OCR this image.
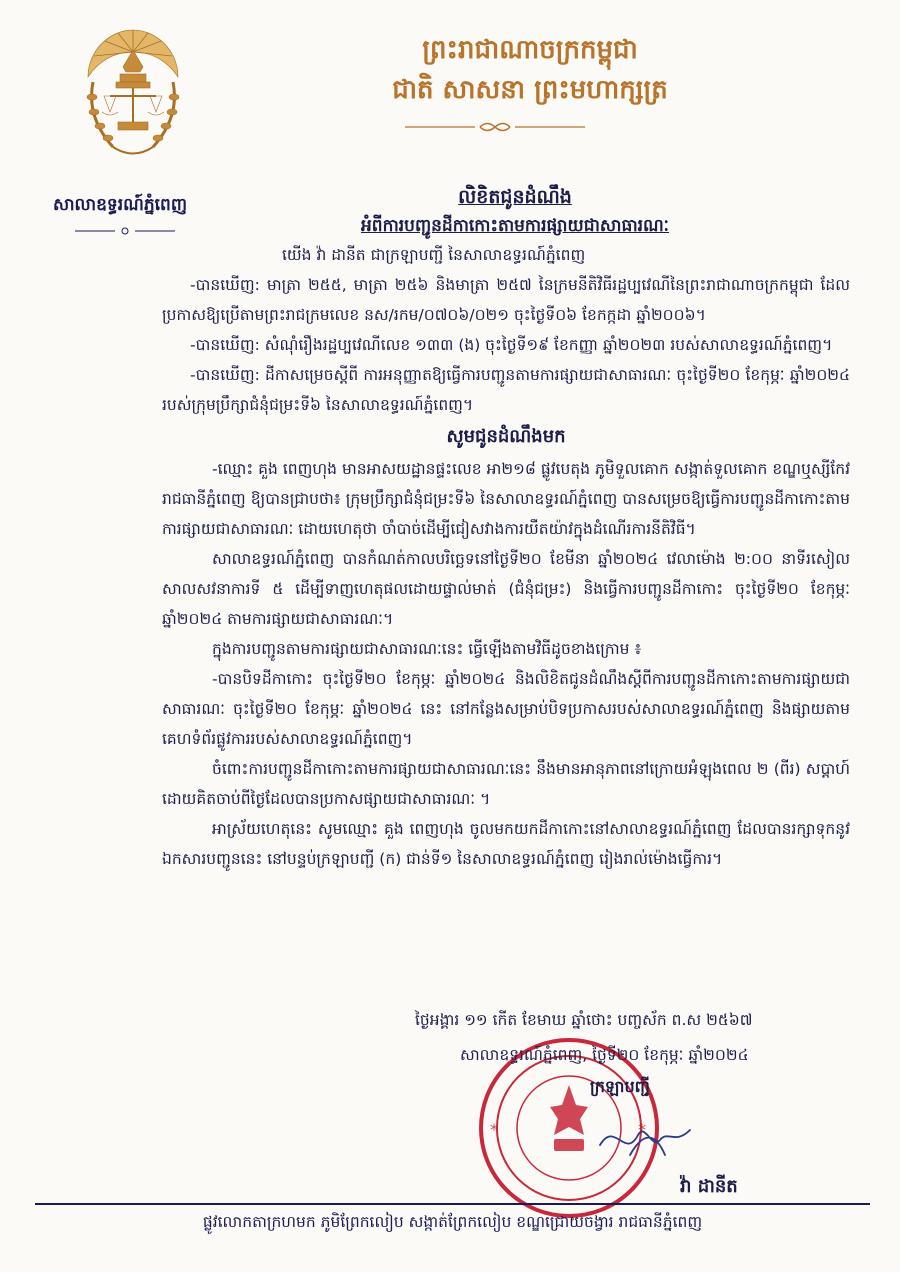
សាលាឧទ្ធរណ៍ភ្នំពេញ
ព្រះរាជាណាចក្រកម្ពុជា
ជាតិ សាសនា ព្រះមហាក្សត្រ
លិខិតជូនដំណឹង
អំពីការបញ្ជូនដីកាកោះតាមការផ្សាយជាសាធារណៈ

យើង វ៉ា ដានីត ជាក្រឡាបញ្ជី នៃសាលាឧទ្ធរណ៍ភ្នំពេញ

-បានឃើញ: មាត្រា ២៥៥, មាត្រា ២៥៦ និងមាត្រា ២៥៧ នៃក្រមនីតិវិធីរដ្ឋប្បវេណីនៃព្រះរាជាណាចក្រកម្ពុជា ដែលប្រកាសឱ្យប្រើតាមព្រះរាជក្រមលេខ នស/រកម/០៧០៦/០២១ ចុះថ្ងៃទី០៦ ខែកក្កដា ឆ្នាំ២០០៦។

-បានឃើញ: សំណុំរឿងរដ្ឋប្បវេណីលេខ ១៣៣ (ង) ចុះថ្ងៃទី១៩ ខែកញ្ញា ឆ្នាំ២០២៣ របស់សាលាឧទ្ធរណ៍ភ្នំពេញ។

-បានឃើញ: ដីកាសម្រេចស្តីពី ការអនុញ្ញាតឱ្យធ្វើការបញ្ជូនតាមការផ្សាយជាសាធារណៈ ចុះថ្ងៃទី២០ ខែកុម្ភៈ ឆ្នាំ២០២៤ របស់ក្រុមប្រឹក្សាជំនុំជម្រះទី៦ នៃសាលាឧទ្ធរណ៍ភ្នំពេញ។

សូមជូនដំណឹងមក

-ឈ្មោះ គួង ពេញហុង មានអាសយដ្ឋានផ្ទះលេខ អា២១៨ ផ្លូវបេតុង ភូមិទួលគោក សង្កាត់ទួលគោក ខណ្ឌឬស្សីកែវ រាជធានីភ្នំពេញ ឱ្យបានជ្រាបថា៖ ក្រុមប្រឹក្សាជំនុំជម្រះទី៦ នៃសាលាឧទ្ធរណ៍ភ្នំពេញ បានសម្រេចឱ្យធ្វើការបញ្ជូនដីកាកោះតាមការផ្សាយជាសាធារណៈ ដោយហេតុថា ចាំបាច់ដើម្បីជៀសវាងការយឺតយ៉ាវក្នុងដំណើរការនីតិវិធី។

សាលាឧទ្ធរណ៍ភ្នំពេញ បានកំណត់កាលបរិច្ឆេទនៅថ្ងៃទី២០ ខែមីនា ឆ្នាំ២០២៤ វេលាម៉ោង ២:០០ នាទីរសៀល សាលសវនាការទី ៥ ដើម្បីទាញហេតុផលដោយផ្ទាល់មាត់ (ជំនុំជម្រះ) និងធ្វើការបញ្ជូនដីកាកោះ ចុះថ្ងៃទី២០ ខែកុម្ភៈ ឆ្នាំ២០២៤ តាមការផ្សាយជាសាធារណៈ។

ក្នុងការបញ្ជូនតាមការផ្សាយជាសាធារណៈនេះ ធ្វើឡើងតាមវិធីដូចខាងក្រោម ៖

-បានបិទដីកាកោះ ចុះថ្ងៃទី២០ ខែកុម្ភៈ ឆ្នាំ២០២៤ និងលិខិតជូនដំណឹងស្តីពីការបញ្ជូនដីកាកោះតាមការផ្សាយជាសាធារណៈ ចុះថ្ងៃទី២០ ខែកុម្ភៈ ឆ្នាំ២០២៤ នេះ នៅកន្លែងសម្រាប់បិទប្រកាសរបស់សាលាឧទ្ធរណ៍ភ្នំពេញ និងផ្សាយតាមគេហទំព័រផ្លូវការរបស់សាលាឧទ្ធរណ៍ភ្នំពេញ។

ចំពោះការបញ្ជូនដីកាកោះតាមការផ្សាយជាសាធារណៈនេះ នឹងមានអានុភាពនៅក្រោយអំឡុងពេល ២ (ពីរ) សប្តាហ៍ ដោយគិតចាប់ពីថ្ងៃដែលបានប្រកាសផ្សាយជាសាធារណៈ ។

អាស្រ័យហេតុនេះ សូមឈ្មោះ គួង ពេញហុង ចូលមកយកដីកាកោះនៅសាលាឧទ្ធរណ៍ភ្នំពេញ ដែលបានរក្សាទុកនូវឯកសារបញ្ជូននេះ នៅបន្ទប់ក្រឡាបញ្ជី (ក) ជាន់ទី១ នៃសាលាឧទ្ធរណ៍ភ្នំពេញ រៀងរាល់ម៉ោងធ្វើការ។

*	*
ថ្ងៃអង្គារ ១១ កើត ខែមាឃ ឆ្នាំថោះ បញ្ចស័ក ព.ស ២៥៦៧
សាលាឧទ្ធរណ៍ភ្នំពេញ, ថ្ងៃទី២០ ខែកុម្ភៈ ឆ្នាំ២០២៤
ក្រឡាបញ្ជី
វ៉ា ដានីត
ផ្លូវលោកតាក្រហមក ភូមិព្រែកលៀប សង្កាត់ព្រែកលៀប ខណ្ឌជ្រោយចង្វារ រាជធានីភ្នំពេញ
